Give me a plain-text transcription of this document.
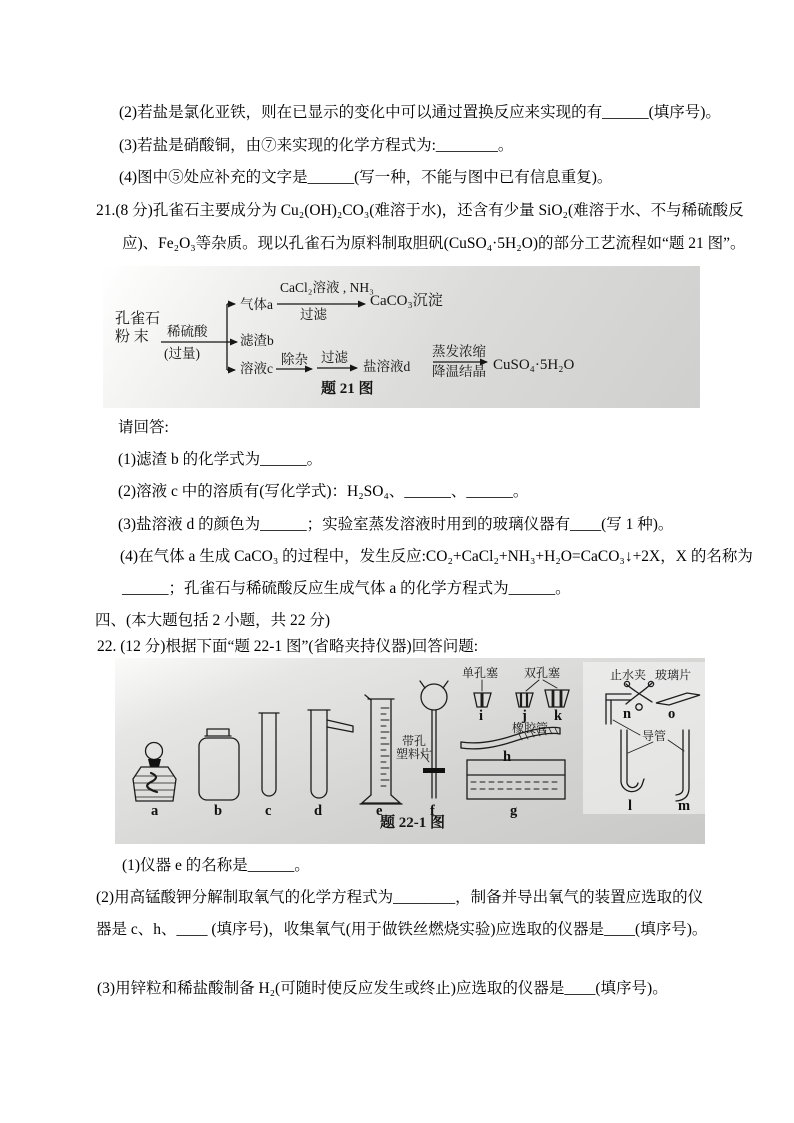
(2)若盐是氯化亚铁，则在已显示的变化中可以通过置换反应来实现的有______(填序号)。
(3)若盐是硝酸铜，由⑦来实现的化学方程式为:________。
(4)图中⑤处应补充的文字是______(写一种，不能与图中已有信息重复)。
21.(8 分)孔雀石主要成分为 Cu₂(OH)₂CO₃(难溶于水)，还含有少量 SiO₂(难溶于水、不与稀硫酸反
应)、Fe₂O₃等杂质。现以孔雀石为原料制取胆矾(CuSO₄·5H₂O)的部分工艺流程如“题 21 图”。
孔雀石
粉 末 稀硫酸
(过量)
气体a
CaCl₂溶液 , NH₃
过滤
CaCO₃沉淀
滤渣b
溶液c
除杂 过滤
盐溶液d
蒸发浓缩
降温结晶 CuSO₄·5H₂O
题 21 图
请回答:
(1)滤渣 b 的化学式为______。
(2)溶液 c 中的溶质有(写化学式)：H₂SO₄、______、______。
(3)盐溶液 d 的颜色为______；实验室蒸发溶液时用到的玻璃仪器有____(写 1 种)。
(4)在气体 a 生成 CaCO₃ 的过程中，发生反应:CO₂+CaCl₂+NH₃+H₂O=CaCO₃↓+2X，X 的名称为
______；孔雀石与稀硫酸反应生成气体 a 的化学方程式为______。
四、(本大题包括 2 小题，共 22 分)
22. (12 分)根据下面“题 22-1 图”(省略夹持仪器)回答问题:
a	b	c	d	e	f	g
h
i	j k
l	m
n	o
单孔塞 双孔塞
橡胶管
带孔
塑料片
止水夹 玻璃片
导管
题 22-1 图
(1)仪器 e 的名称是______。
(2)用高锰酸钾分解制取氧气的化学方程式为________，制备并导出氧气的装置应选取的仪
器是 c、h、____ (填序号)，收集氧气(用于做铁丝燃烧实验)应选取的仪器是____(填序号)。
(3)用锌粒和稀盐酸制备 H₂(可随时使反应发生或终止)应选取的仪器是____(填序号)。
